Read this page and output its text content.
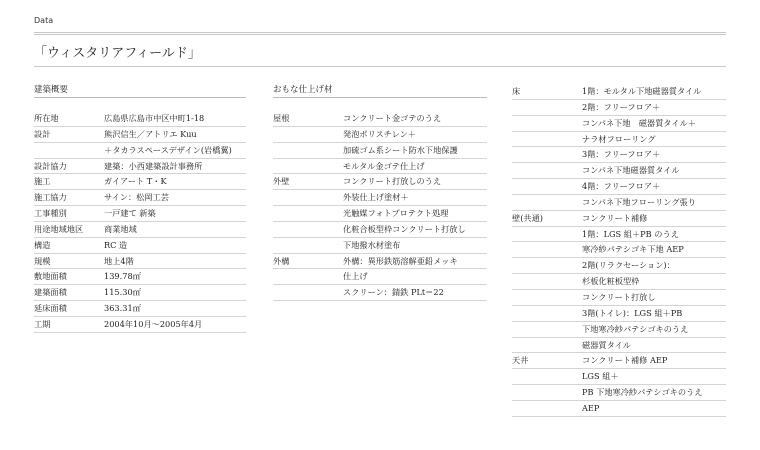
Data
「ウィスタリアフィールド」
建築概要
所在地	広島県広島市中区中町1-18
設計	熊沢信生／アトリエ Kuu
＋タカラスペースデザイン(岩橋翼)
設計協力	建築：小西建築設計事務所
施工	ガイアート T・K
施工協力	サイン：松岡工芸
工事種別	一戸建て 新築
用途地域地区	商業地域
構造	RC 造
規模	地上4階
敷地面積	139.78㎡
建築面積	115.30㎡
延床面積	363.31㎡
工期	2004年10月〜2005年4月
おもな仕上げ材
屋根	コンクリート金ゴテのうえ
発泡ポリスチレン＋
加硫ゴム系シート防水下地保護
モルタル金ゴテ仕上げ
外壁	コンクリート打放しのうえ
外装仕上げ塗材＋
光触媒フォトプロテクト処理
化粧合板型枠コンクリート打放し
下地撥水材塗布
外構	外構：異形鉄筋溶解亜鉛メッキ
仕上げ
スクリーン：錆鉄 PLt＝22
床	1階：モルタル下地磁器質タイル
2階：フリーフロア＋
コンパネ下地　磁器質タイル＋
ナラ材フローリング
3階：フリーフロア＋
コンパネ下地磁器質タイル
4階：フリーフロア＋
コンパネ下地フローリング張り
壁(共通)	コンクリート補修
1階：LGS 組＋PB のうえ
寒冷紗パテシゴキ下地 AEP
2階(リラクセーション)：
杉板化粧板型枠
コンクリート打放し
3階(トイレ)：LGS 組＋PB
下地寒冷紗パテシゴキのうえ
磁器質タイル
天井	コンクリート補修 AEP
LGS 組＋
PB 下地寒冷紗パテシゴキのうえ
AEP
